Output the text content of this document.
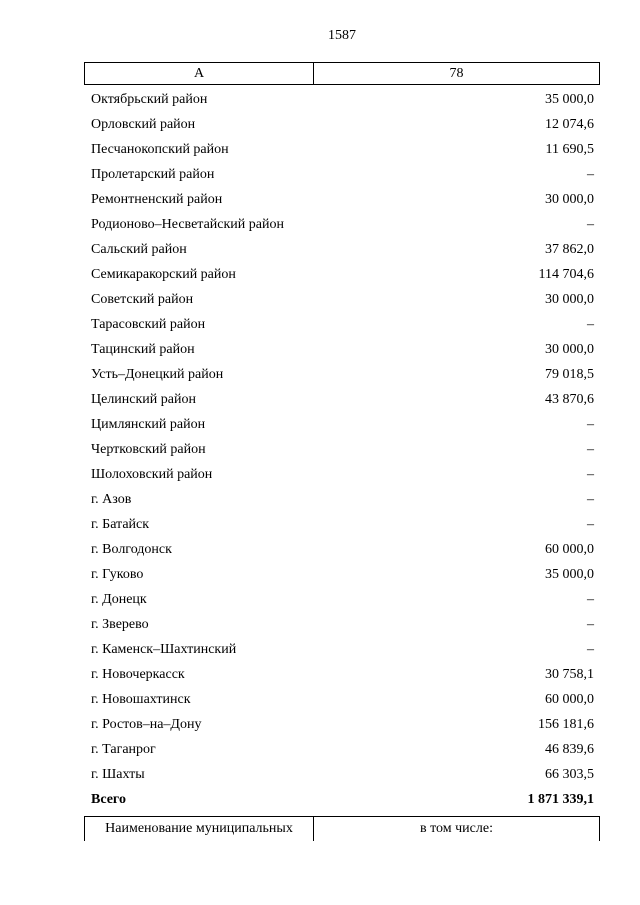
1587
А	78
Октябрьский район	35 000,0
Орловский район	12 074,6
Песчанокопский район	11 690,5
Пролетарский район	–
Ремонтненский район	30 000,0
Родионово–Несветайский район	–
Сальский район	37 862,0
Семикаракорский район	114 704,6
Советский район	30 000,0
Тарасовский район	–
Тацинский район	30 000,0
Усть–Донецкий район	79 018,5
Целинский район	43 870,6
Цимлянский район	–
Чертковский район	–
Шолоховский район	–
г. Азов	–
г. Батайск	–
г. Волгодонск	60 000,0
г. Гуково	35 000,0
г. Донецк	–
г. Зверево	–
г. Каменск–Шахтинский	–
г. Новочеркасск	30 758,1
г. Новошахтинск	60 000,0
г. Ростов–на–Дону	156 181,6
г. Таганрог	46 839,6
г. Шахты	66 303,5
Всего	1 871 339,1
Наименование муниципальных	в том числе:
